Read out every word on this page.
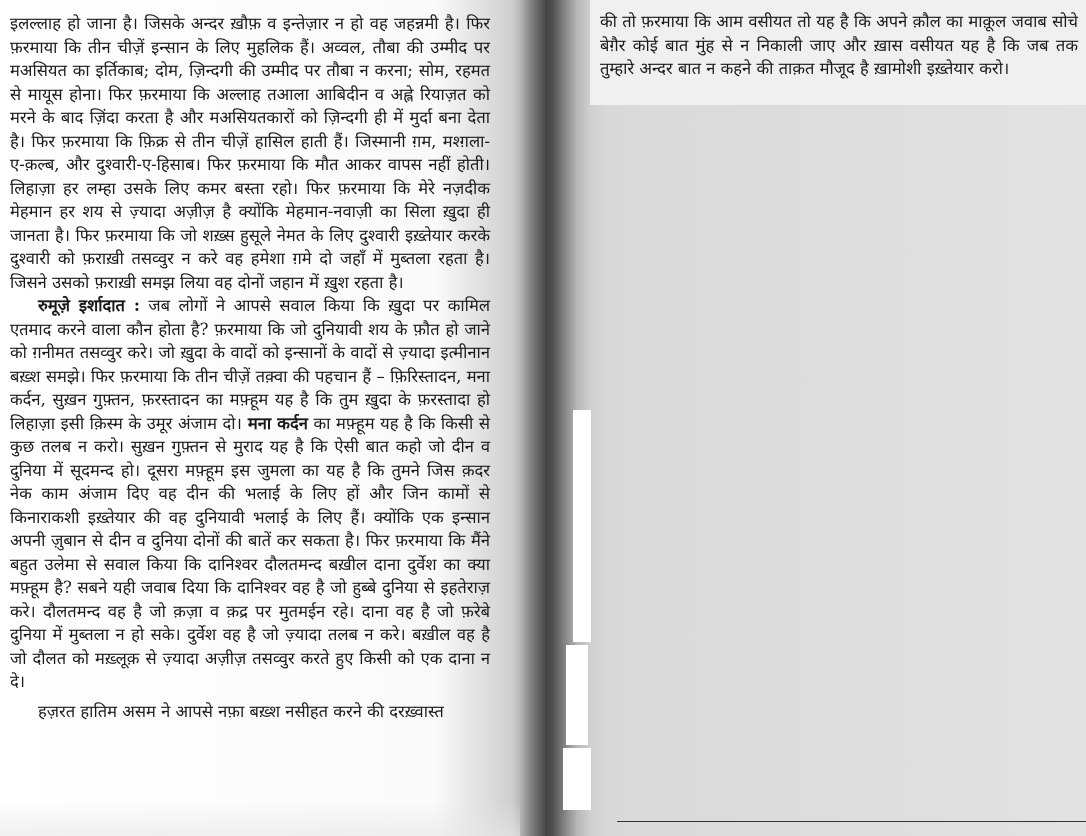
इलल्लाह हो जाना है। जिसके अन्दर ख़ौफ़ व इन्तेज़ार न हो वह जहन्नमी है। फिर फ़रमाया कि तीन चीज़ें इन्सान के लिए मुहलिक हैं। अव्वल, तौबा की उम्मीद पर मअसियत का इर्तिकाब; दोम, ज़िन्दगी की उम्मीद पर तौबा न करना; सोम, रहमत से मायूस होना। फिर फ़रमाया कि अल्लाह तआला आबिदीन व अह्ले रियाज़त को मरने के बाद ज़िंदा करता है और मअसियतकारों को ज़िन्दगी ही में मुर्दा बना देता है। फिर फ़रमाया कि फ़िक्र से तीन चीज़ें हासिल हाती हैं। जिस्मानी ग़म, मश्ग़ला-ए-क़ल्ब, और दुश्वारी-ए-हिसाब। फिर फ़रमाया कि मौत आकर वापस नहीं होती। लिहाज़ा हर लम्हा उसके लिए कमर बस्ता रहो। फिर फ़रमाया कि मेरे नज़दीक मेहमान हर शय से ज़्यादा अज़ीज़ है क्योंकि मेहमान-नवाज़ी का सिला ख़ुदा ही जानता है। फिर फ़रमाया कि जो शख़्स हुसूले नेमत के लिए दुश्वारी इख़्तेयार करके दुश्वारी को फ़राख़ी तसव्वुर न करे वह हमेशा ग़मे दो जहाँ में मुब्तला रहता है। जिसने उसको फ़राख़ी समझ लिया वह दोनों जहान में ख़ुश रहता है।

रुमूज़े इर्शादात : जब लोगों ने आपसे सवाल किया कि ख़ुदा पर कामिल एतमाद करने वाला कौन होता है? फ़रमाया कि जो दुनियावी शय के फ़ौत हो जाने को ग़नीमत तसव्वुर करे। जो ख़ुदा के वादों को इन्सानों के वादों से ज़्यादा इत्मीनान बख़्श समझे। फिर फ़रमाया कि तीन चीज़ें तक़्वा की पहचान हैं – फ़िरिस्तादन, मना कर्दन, सुख़न गुफ़्तन, फ़रस्तादन का मफ़्हूम यह है कि तुम ख़ुदा के फ़रस्तादा हो लिहाज़ा इसी क़िस्म के उमूर अंजाम दो। मना कर्दन का मफ़्हूम यह है कि किसी से कुछ तलब न करो। सुख़न गुफ़्तन से मुराद यह है कि ऐसी बात कहो जो दीन व दुनिया में सूदमन्द हो। दूसरा मफ़्हूम इस जुमला का यह है कि तुमने जिस क़दर नेक काम अंजाम दिए वह दीन की भलाई के लिए हों और जिन कामों से किनाराकशी इख़्तेयार की वह दुनियावी भलाई के लिए हैं। क्योंकि एक इन्सान अपनी ज़ुबान से दीन व दुनिया दोनों की बातें कर सकता है। फिर फ़रमाया कि मैंने बहुत उलेमा से सवाल किया कि दानिश्वर दौलतमन्द बख़ील दाना दुर्वेश का क्या मफ़्हूम है? सबने यही जवाब दिया कि दानिश्वर वह है जो हुब्बे दुनिया से इहतेराज़ करे। दौलतमन्द वह है जो क़ज़ा व क़द्र पर मुतमईन रहे। दाना वह है जो फ़रेबे दुनिया में मुब्तला न हो सके। दुर्वेश वह है जो ज़्यादा तलब न करे। बख़ील वह है जो दौलत को मख़्लूक़ से ज़्यादा अज़ीज़ तसव्वुर करते हुए किसी को एक दाना न दे।

हज़रत हातिम असम ने आपसे नफ़ा बख़्श नसीहत करने की दरख़्वास्त

की तो फ़रमाया कि आम वसीयत तो यह है कि अपने क़ौल का माक़ूल जवाब सोचे बेग़ैर कोई बात मुंह से न निकाली जाए और ख़ास वसीयत यह है कि जब तक तुम्हारे अन्दर बात न कहने की ताक़त मौजूद है ख़ामोशी इख़्तेयार करो।
